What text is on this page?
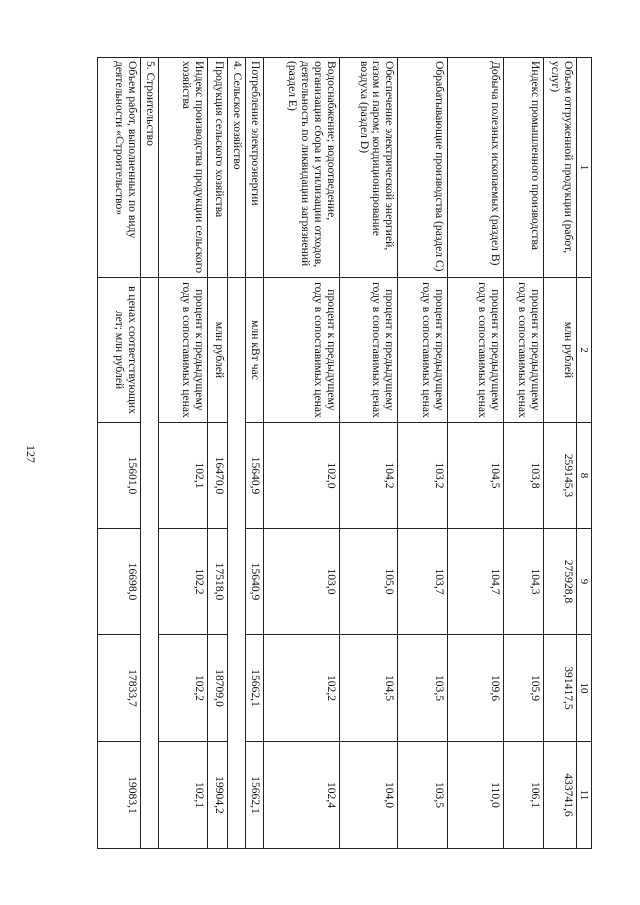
127
1	2	8	9	10	11
Объем отгруженной продукции (работ, услуг)	млн рублей	259145,3	275928,8	391417,5	433741,6
Индекс промышленного производства	процент к предыдущему году в сопоставимых ценах	103,8	104,3	105,9	106,1
Добыча полезных ископаемых (раздел В)	процент к предыдущему году в сопоставимых ценах	104,5	104,7	109,6	110,0
Обрабатывающие производства (раздел С)	процент к предыдущему году в сопоставимых ценах	103,2	103,7	103,5	103,5
Обеспечение электрической энергией, газом и паром; кондиционирование воздуха (раздел D)	процент к предыдущему году в сопоставимых ценах	104,2	105,0	104,5	104,0
Водоснабжение; водоотведение, организация сбора и утилизации отходов, деятельность по ликвидации загрязнений (раздел Е)	процент к предыдущему году в сопоставимых ценах	102,0	103,0	102,2	102,4
Потребление электроэнергии	млн кВт час	15640,9	15640,9	15662,1	15662,1
4. Сельское хозяйство					
Продукция сельского хозяйства	млн рублей	16470,0	17518,0	18709,0	19904,2
Индекс производства продукции сельского хозяйства	процент к предыдущему году в сопоставимых ценах	102,1	102,2	102,2	102,1
5. Строительство					
Объем работ, выполненных по виду деятельности «Строительство»	в ценах соответствующих лет; млн рублей	15601,0	16698,0	17833,7	19083,1
